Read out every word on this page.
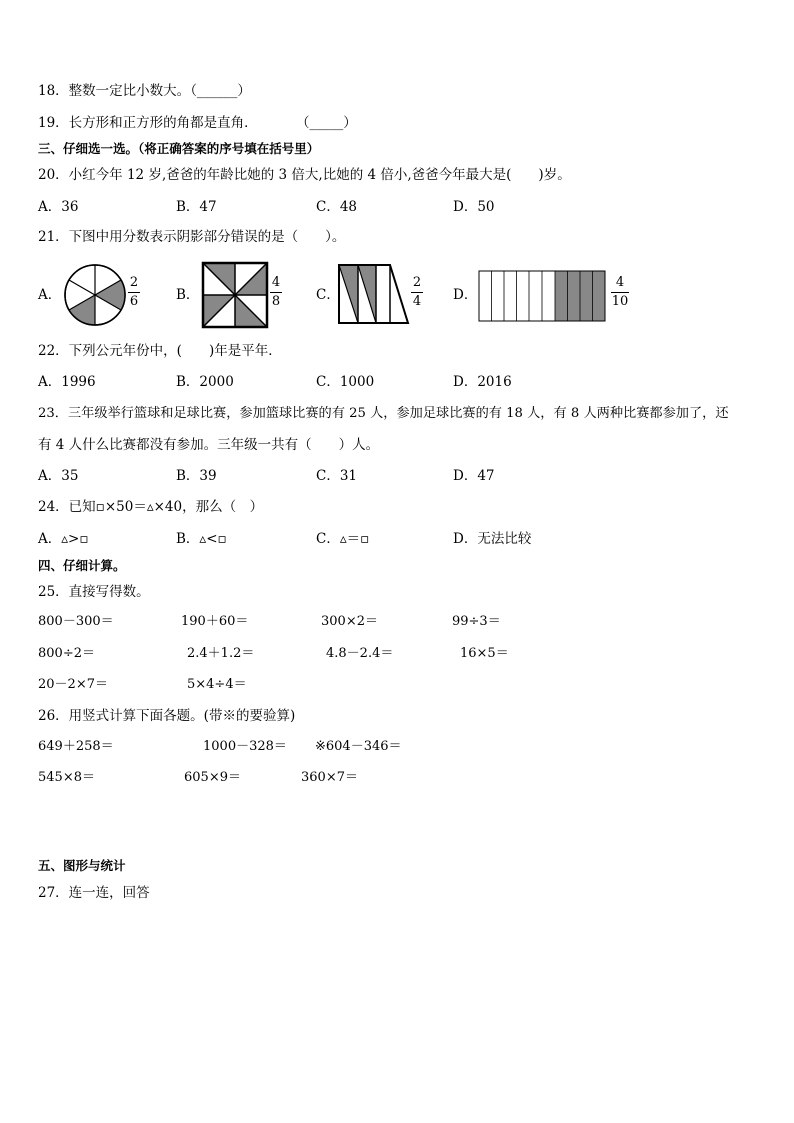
18．整数一定比小数大。（______）
19．长方形和正方形的角都是直角．	（_____）
三、仔细选一选。（将正确答案的序号填在括号里）
20．小红今年 12 岁,爸爸的年龄比她的 3 倍大,比她的 4 倍小,爸爸今年最大是(　　)岁。
A．36	B．47	C．48	D．50
21．下图中用分数表示阴影部分错误的是（　　）。
A．
2
6	B．
4
8	C．
2
4 D．
4
10
22．下列公元年份中，(　　)年是平年．
A．1996	B．2000	C．1000	D．2016
23．三年级举行篮球和足球比赛，参加篮球比赛的有 25 人，参加足球比赛的有 18 人，有 8 人两种比赛都参加了，还
有 4 人什么比赛都没有参加。三年级一共有（　　）人。
A．35	B．39	C．31	D．47
24．已知▫×50＝▵×40，那么（　）
A．▵>▫	B．▵<▫	C．▵＝▫	D．无法比较
四、仔细计算。
25．直接写得数。
800－300＝	190＋60＝	300×2＝	99÷3＝
800÷2＝	2.4＋1.2＝	4.8－2.4＝	16×5＝
20－2×7＝	5×4÷4＝
26．用竖式计算下面各题。(带※的要验算)
649＋258＝	1000－328＝ ※604－346＝
545×8＝	605×9＝	360×7＝
五、图形与统计
27．连一连，回答
